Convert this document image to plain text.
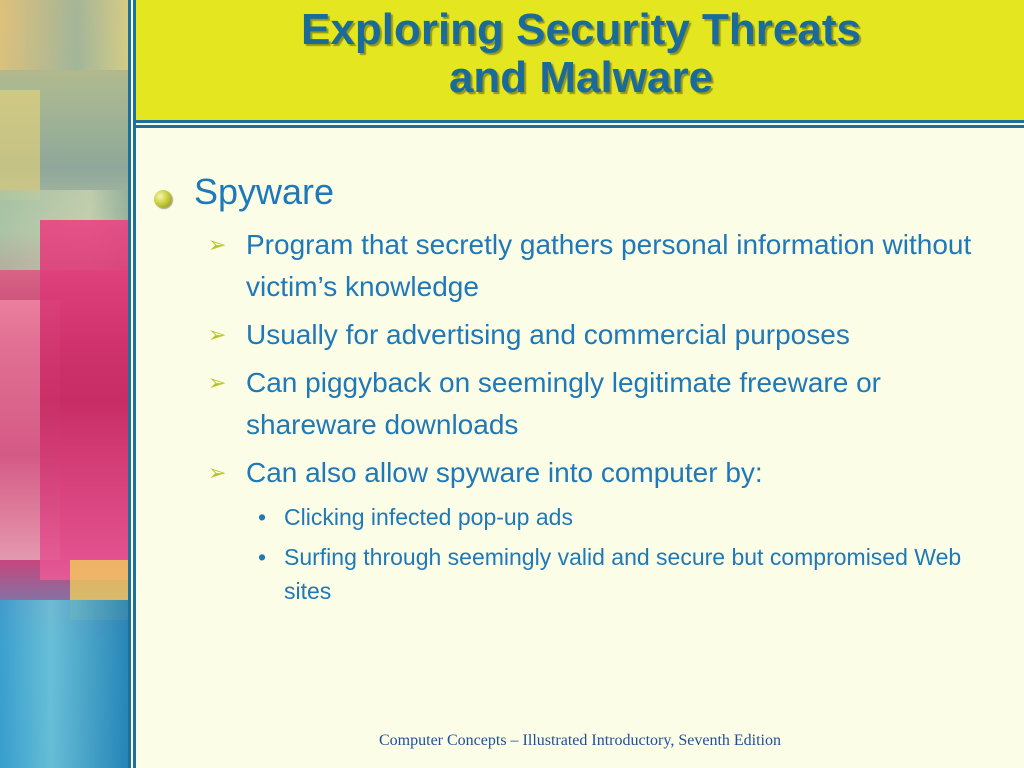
Exploring Security Threats
and Malware
Spyware
➢ Program that secretly gathers personal information without victim’s knowledge
➢ Usually for advertising and commercial purposes
➢ Can piggyback on seemingly legitimate freeware or shareware downloads
➢ Can also allow spyware into computer by:
• Clicking infected pop-up ads
• Surfing through seemingly valid and secure but compromised Web sites
Computer Concepts – Illustrated Introductory, Seventh Edition
